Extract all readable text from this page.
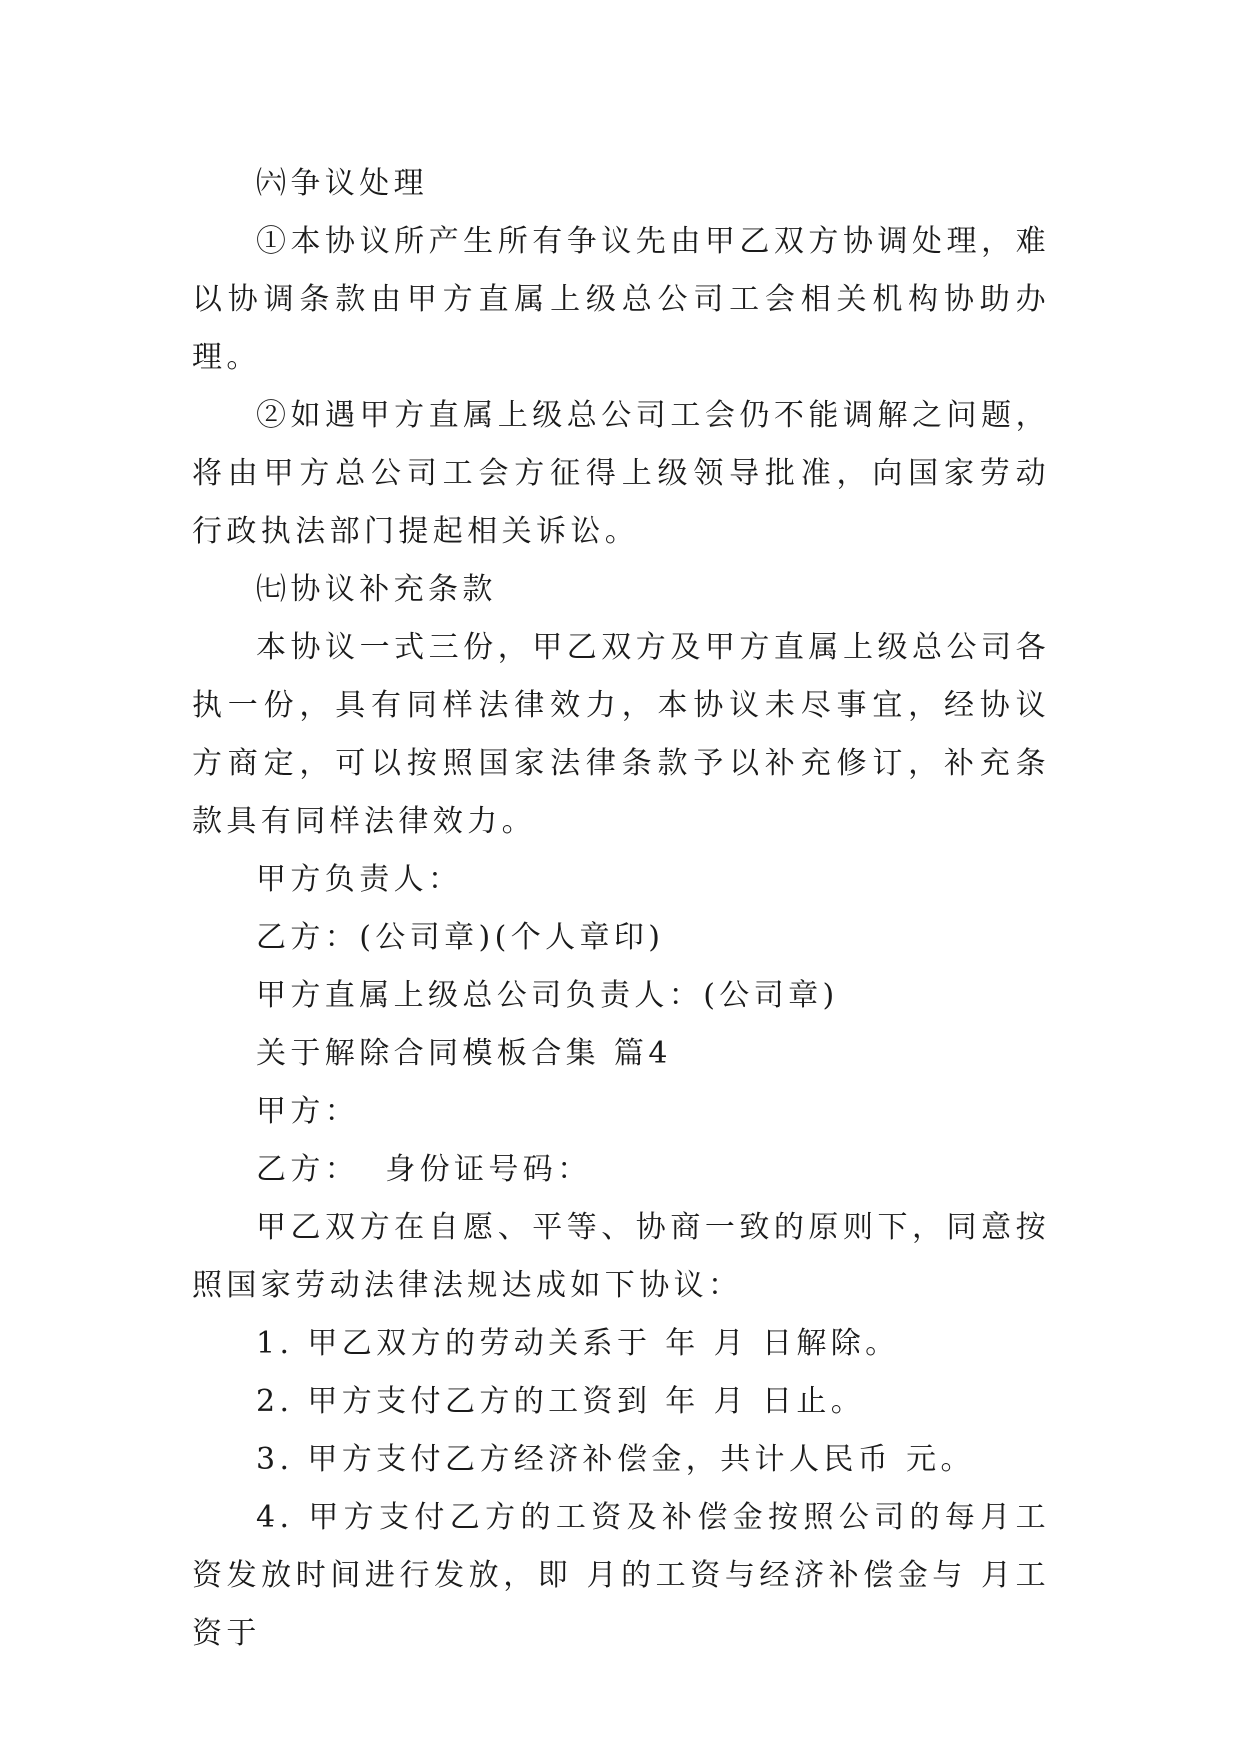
㈥争议处理

①本协议所产生所有争议先由甲乙双方协调处理，难以协调条款由甲方直属上级总公司工会相关机构协助办理。

②如遇甲方直属上级总公司工会仍不能调解之问题，将由甲方总公司工会方征得上级领导批准，向国家劳动行政执法部门提起相关诉讼。

㈦协议补充条款

本协议一式三份，甲乙双方及甲方直属上级总公司各执一份，具有同样法律效力，本协议未尽事宜，经协议方商定，可以按照国家法律条款予以补充修订，补充条款具有同样法律效力。

甲方负责人：

乙方：(公司章)(个人章印)

甲方直属上级总公司负责人：(公司章)

关于解除合同模板合集 篇4

甲方：

乙方： 身份证号码：

甲乙双方在自愿、平等、协商一致的原则下，同意按照国家劳动法律法规达成如下协议：

1. 甲乙双方的劳动关系于 年 月 日解除。

2. 甲方支付乙方的工资到 年 月 日止。

3. 甲方支付乙方经济补偿金，共计人民币 元。

4. 甲方支付乙方的工资及补偿金按照公司的每月工资发放时间进行发放，即 月的工资与经济补偿金与 月工资于
